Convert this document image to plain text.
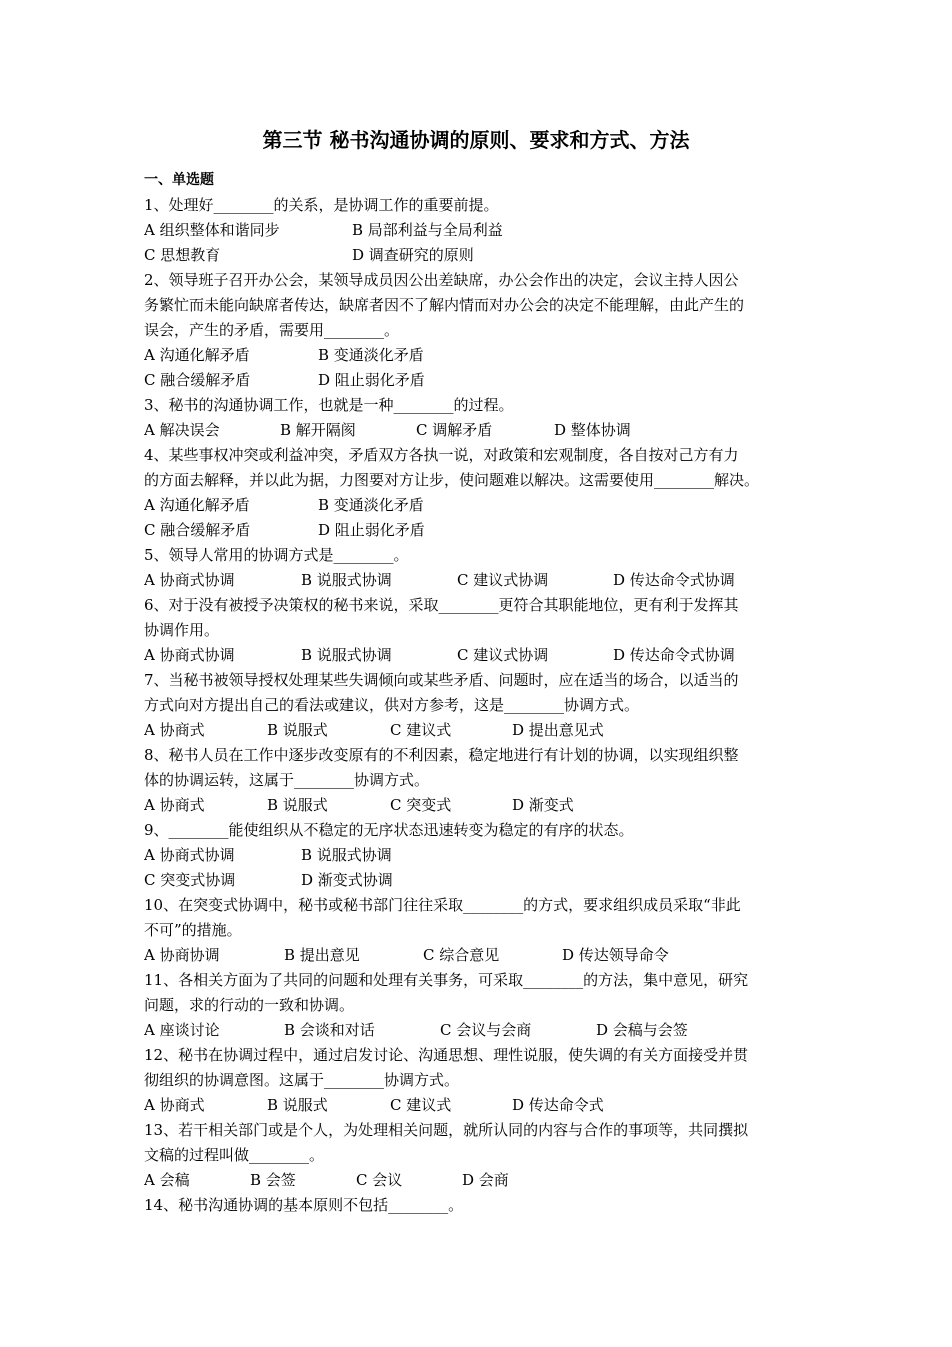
第三节 秘书沟通协调的原则、要求和方式、方法
一、单选题
1、处理好________的关系，是协调工作的重要前提。
A 组织整体和谐同步	B 局部利益与全局利益
C 思想教育	D 调查研究的原则
2、领导班子召开办公会，某领导成员因公出差缺席，办公会作出的决定，会议主持人因公
务繁忙而未能向缺席者传达，缺席者因不了解内情而对办公会的决定不能理解，由此产生的
误会，产生的矛盾，需要用________。
A 沟通化解矛盾	B 变通淡化矛盾
C 融合缓解矛盾	D 阻止弱化矛盾
3、秘书的沟通协调工作，也就是一种________的过程。
A 解决误会	B 解开隔阂	C 调解矛盾	D 整体协调
4、某些事权冲突或利益冲突，矛盾双方各执一说，对政策和宏观制度，各自按对己方有力
的方面去解释，并以此为据，力图要对方让步，使问题难以解决。这需要使用________解决。
A 沟通化解矛盾	B 变通淡化矛盾
C 融合缓解矛盾	D 阻止弱化矛盾
5、领导人常用的协调方式是________。
A 协商式协调	B 说服式协调	C 建议式协调	D 传达命令式协调
6、对于没有被授予决策权的秘书来说，采取________更符合其职能地位，更有利于发挥其
协调作用。
A 协商式协调	B 说服式协调	C 建议式协调	D 传达命令式协调
7、当秘书被领导授权处理某些失调倾向或某些矛盾、问题时，应在适当的场合，以适当的
方式向对方提出自己的看法或建议，供对方参考，这是________协调方式。
A 协商式	B 说服式	C 建议式	D 提出意见式
8、秘书人员在工作中逐步改变原有的不利因素，稳定地进行有计划的协调，以实现组织整
体的协调运转，这属于________协调方式。
A 协商式	B 说服式	C 突变式	D 渐变式
9、________能使组织从不稳定的无序状态迅速转变为稳定的有序的状态。
A 协商式协调	B 说服式协调
C 突变式协调	D 渐变式协调
10、在突变式协调中，秘书或秘书部门往往采取________的方式，要求组织成员采取“非此
不可”的措施。
A 协商协调	B 提出意见	C 综合意见	D 传达领导命令
11、各相关方面为了共同的问题和处理有关事务，可采取________的方法，集中意见，研究
问题，求的行动的一致和协调。
A 座谈讨论	B 会谈和对话	C 会议与会商	D 会稿与会签
12、秘书在协调过程中，通过启发讨论、沟通思想、理性说服，使失调的有关方面接受并贯
彻组织的协调意图。这属于________协调方式。
A 协商式	B 说服式	C 建议式	D 传达命令式
13、若干相关部门或是个人，为处理相关问题，就所认同的内容与合作的事项等，共同撰拟
文稿的过程叫做________。
A 会稿	B 会签	C 会议	D 会商
14、秘书沟通协调的基本原则不包括________。
